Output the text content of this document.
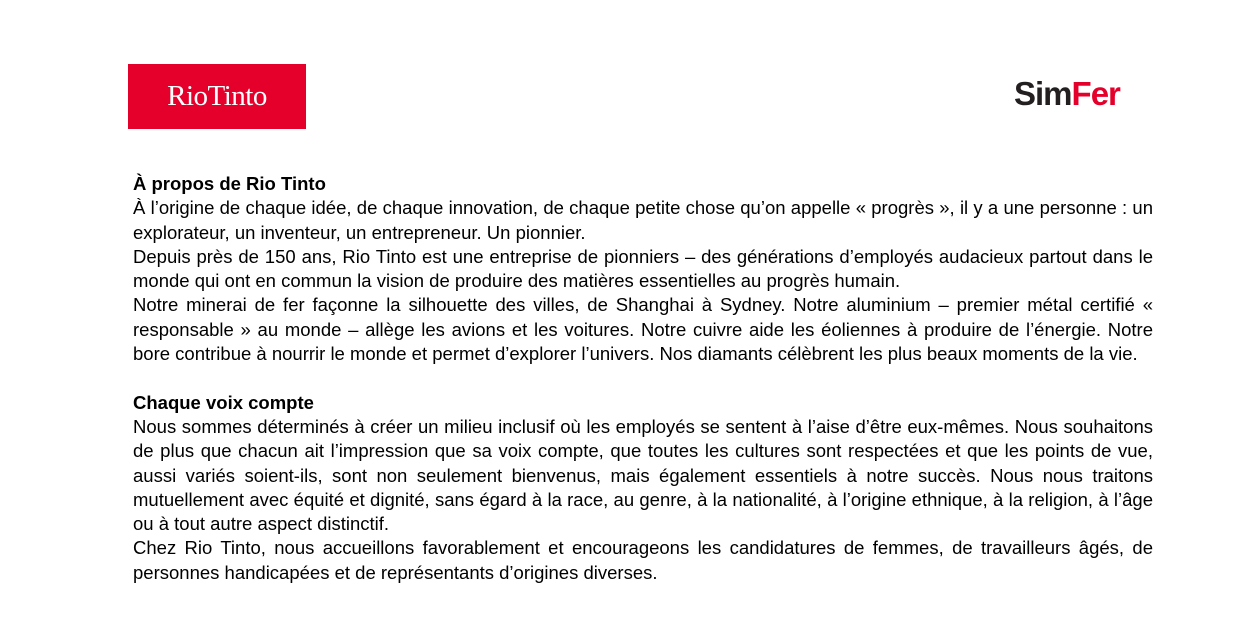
RioTinto	SimFer
À propos de Rio Tinto

À l’origine de chaque idée, de chaque innovation, de chaque petite chose qu’on appelle « progrès », il y a une personne : un explorateur, un inventeur, un entrepreneur. Un pionnier.

Depuis près de 150 ans, Rio Tinto est une entreprise de pionniers – des générations d’employés audacieux partout dans le monde qui ont en commun la vision de produire des matières essentielles au progrès humain.

Notre minerai de fer façonne la silhouette des villes, de Shanghai à Sydney. Notre aluminium – premier métal certifié « responsable » au monde – allège les avions et les voitures. Notre cuivre aide les éoliennes à produire de l’énergie. Notre bore contribue à nourrir le monde et permet d’explorer l’univers. Nos diamants célèbrent les plus beaux moments de la vie.

Chaque voix compte

Nous sommes déterminés à créer un milieu inclusif où les employés se sentent à l’aise d’être eux-mêmes. Nous souhaitons de plus que chacun ait l’impression que sa voix compte, que toutes les cultures sont respectées et que les points de vue, aussi variés soient-ils, sont non seulement bienvenus, mais également essentiels à notre succès. Nous nous traitons mutuellement avec équité et dignité, sans égard à la race, au genre, à la nationalité, à l’origine ethnique, à la religion, à l’âge ou à tout autre aspect distinctif.

Chez Rio Tinto, nous accueillons favorablement et encourageons les candidatures de femmes, de travailleurs âgés, de personnes handicapées et de représentants d’origines diverses.
